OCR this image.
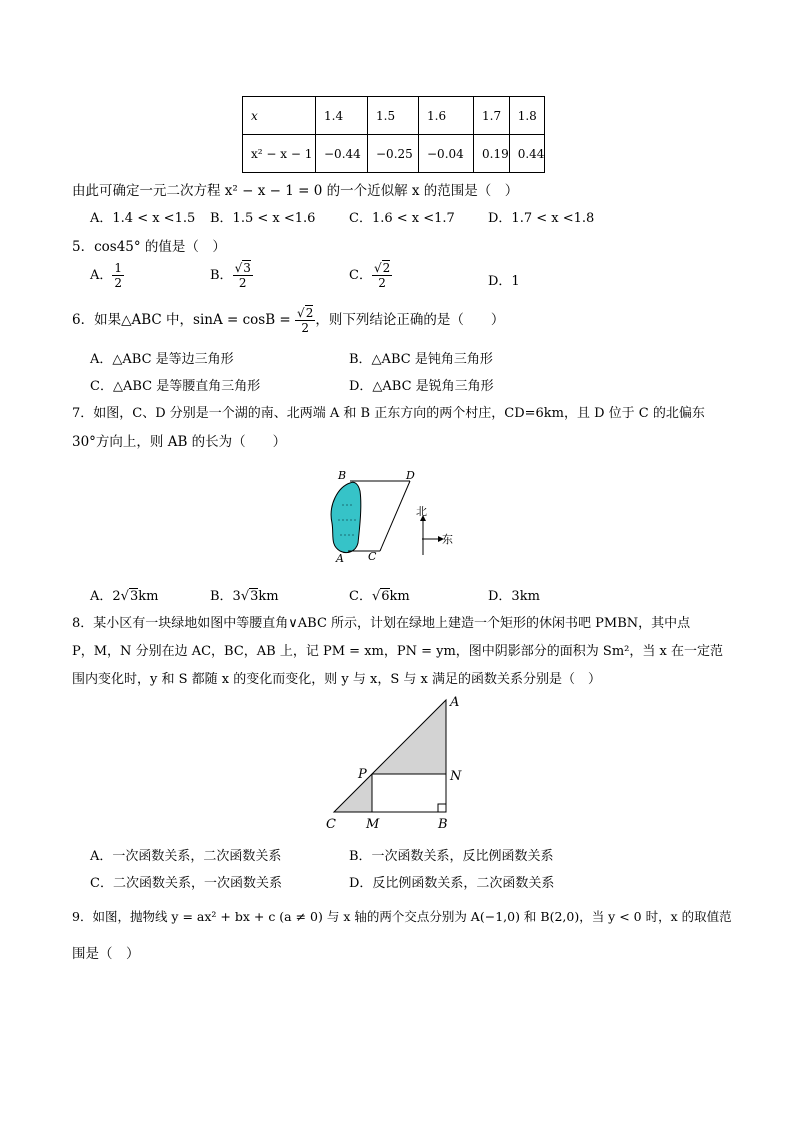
x	1.4	1.5	1.6	1.7	1.8
x² − x − 1	−0.44	−0.25	−0.04	0.19	0.44
由此可确定一元二次方程 x² − x − 1 = 0 的一个近似解 x 的范围是（　）
A．1.4 < x <1.5 B．1.5 < x <1.6	C．1.6 < x <1.7	D．1.7 < x <1.8
5．cos45° 的值是（　）
A． $\frac{1}{2}$	B． $\frac{√3}{2}$	C． $\frac{√2}{2}$	D．1
6．如果△ABC 中，$\sin A = \cos B = \frac{√2}{2}$ ，则下列结论正确的是（　　）
A．△ABC 是等边三角形	B．△ABC 是钝角三角形
C．△ABC 是等腰直角三角形	D．△ABC 是锐角三角形
7．如图，C、D 分别是一个湖的南、北两端 A 和 B 正东方向的两个村庄，CD=6km，且 D 位于 C 的北偏东
30°方向上，则 AB 的长为（　　）
B	D
A C
北
东
A．2√3km	B．3√3km	C．√6km	D．3km
8．某小区有一块绿地如图中等腰直角∨ABC 所示，计划在绿地上建造一个矩形的休闲书吧 PMBN，其中点
P，M，N 分别在边 AC，BC，AB 上，记 PM = xm，PN = ym，图中阴影部分的面积为 Sm²，当 x 在一定范
围内变化时，y 和 S 都随 x 的变化而变化，则 y 与 x，S 与 x 满足的函数关系分别是（　）
A
P	N
C M	B
A．一次函数关系，二次函数关系	B．一次函数关系，反比例函数关系
C．二次函数关系，一次函数关系	D．反比例函数关系，二次函数关系
9．如图，抛物线 y = ax² + bx + c (a ≠ 0) 与 x 轴的两个交点分别为 A(−1,0) 和 B(2,0)，当 y < 0 时，x 的取值范
围是（　）
